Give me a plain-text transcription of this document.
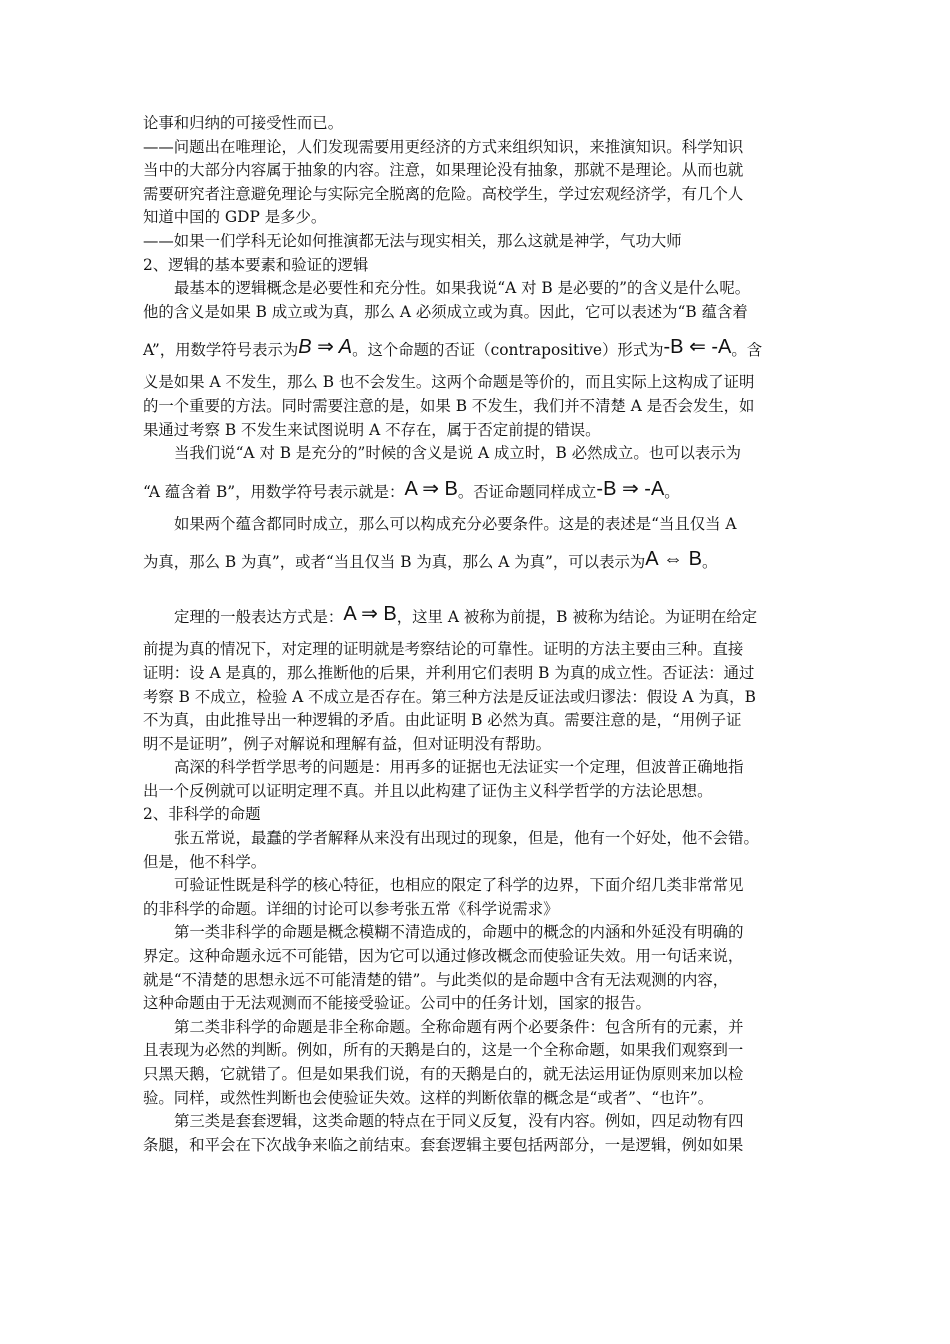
论事和归纳的可接受性而已。
——问题出在唯理论，人们发现需要用更经济的方式来组织知识，来推演知识。科学知识
当中的大部分内容属于抽象的内容。注意，如果理论没有抽象，那就不是理论。从而也就
需要研究者注意避免理论与实际完全脱离的危险。高校学生，学过宏观经济学，有几个人
知道中国的 GDP 是多少。
——如果一们学科无论如何推演都无法与现实相关，那么这就是神学，气功大师
2、逻辑的基本要素和验证的逻辑
最基本的逻辑概念是必要性和充分性。如果我说“A 对 B 是必要的”的含义是什么呢。
他的含义是如果 B 成立或为真，那么 A 必须成立或为真。因此，它可以表述为“B 蕴含着
A”，用数学符号表示为B ⇒ A。这个命题的否证（contrapositive）形式为-B ⇐ -A。含
义是如果 A 不发生，那么 B 也不会发生。这两个命题是等价的，而且实际上这构成了证明
的一个重要的方法。同时需要注意的是，如果 B 不发生，我们并不清楚 A 是否会发生，如
果通过考察 B 不发生来试图说明 A 不存在，属于否定前提的错误。
当我们说“A 对 B 是充分的”时候的含义是说 A 成立时，B 必然成立。也可以表示为
“A 蕴含着 B”，用数学符号表示就是：A ⇒ B。否证命题同样成立-B ⇒ -A。
如果两个蕴含都同时成立，那么可以构成充分必要条件。这是的表述是“当且仅当 A
为真，那么 B 为真”，或者“当且仅当 B 为真，那么 A 为真”，可以表示为A ⇔ B。
定理的一般表达方式是：A ⇒ B，这里 A 被称为前提，B 被称为结论。为证明在给定
前提为真的情况下，对定理的证明就是考察结论的可靠性。证明的方法主要由三种。直接
证明：设 A 是真的，那么推断他的后果，并利用它们表明 B 为真的成立性。否证法：通过
考察 B 不成立，检验 A 不成立是否存在。第三种方法是反证法或归谬法：假设 A 为真，B
不为真，由此推导出一种逻辑的矛盾。由此证明 B 必然为真。需要注意的是，“用例子证
明不是证明”，例子对解说和理解有益，但对证明没有帮助。
高深的科学哲学思考的问题是：用再多的证据也无法证实一个定理，但波普正确地指
出一个反例就可以证明定理不真。并且以此构建了证伪主义科学哲学的方法论思想。
2、非科学的命题
张五常说，最蠢的学者解释从来没有出现过的现象，但是，他有一个好处，他不会错。
但是，他不科学。
可验证性既是科学的核心特征，也相应的限定了科学的边界，下面介绍几类非常常见
的非科学的命题。详细的讨论可以参考张五常《科学说需求》
第一类非科学的命题是概念模糊不清造成的，命题中的概念的内涵和外延没有明确的
界定。这种命题永远不可能错，因为它可以通过修改概念而使验证失效。用一句话来说，
就是“不清楚的思想永远不可能清楚的错”。与此类似的是命题中含有无法观测的内容，
这种命题由于无法观测而不能接受验证。公司中的任务计划，国家的报告。
第二类非科学的命题是非全称命题。全称命题有两个必要条件：包含所有的元素，并
且表现为必然的判断。例如，所有的天鹅是白的，这是一个全称命题，如果我们观察到一
只黑天鹅，它就错了。但是如果我们说，有的天鹅是白的，就无法运用证伪原则来加以检
验。同样，或然性判断也会使验证失效。这样的判断依靠的概念是“或者”、“也许”。
第三类是套套逻辑，这类命题的特点在于同义反复，没有内容。例如，四足动物有四
条腿，和平会在下次战争来临之前结束。套套逻辑主要包括两部分，一是逻辑，例如如果
